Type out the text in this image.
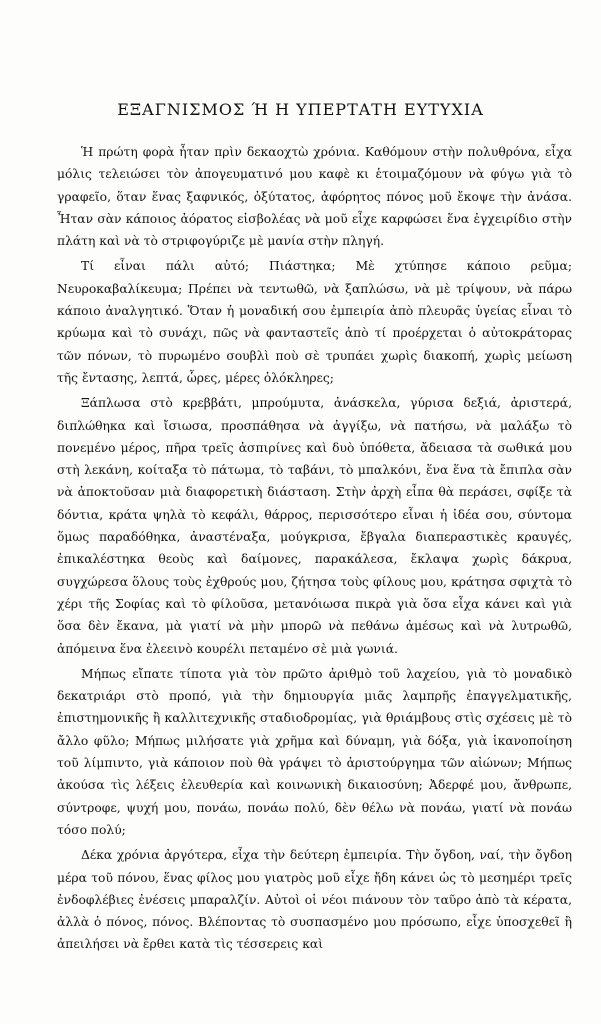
ΕΞΑΓΝΙΣΜΟΣ Ή Η ΥΠΕΡΤΑΤΗ ΕΥΤΥΧΙΑ

Ἡ πρώτη φορὰ ἦταν πρὶν δεκαοχτὼ χρόνια. Καθόμουν στὴν πολυθρόνα, εἶχα μόλις τελειώσει τὸν ἀπογευματινό μου καφὲ κι ἑτοιμαζόμουν νὰ φύγω γιὰ τὸ γραφεῖο, ὅταν ἕνας ξαφνικός, ὀξύτατος, ἀφόρητος πόνος μοῦ ἔκοψε τὴν ἀνάσα. Ἦταν σὰν κάποιος ἀόρατος εἰσβολέας νὰ μοῦ εἶχε καρφώσει ἕνα ἐγχειρίδιο στὴν πλάτη καὶ νὰ τὸ στριφογύριζε μὲ μανία στὴν πληγή.

Τί εἶναι πάλι αὐτό; Πιάστηκα; Μὲ χτύπησε κάποιο ρεῦμα; Νευροκαβαλίκευμα; Πρέπει νὰ τεντωθῶ, νὰ ξαπλώσω, νὰ μὲ τρίψουν, νὰ πάρω κάποιο ἀναλγητικό. Ὅταν ἡ μοναδική σου ἐμπειρία ἀπὸ πλευρᾶς ὑγείας εἶναι τὸ κρύωμα καὶ τὸ συνάχι, πῶς νὰ φανταστεῖς ἀπὸ τί προέρχεται ὁ αὐτοκράτορας τῶν πόνων, τὸ πυρωμένο σουβλὶ ποὺ σὲ τρυπάει χωρὶς διακοπή, χωρὶς μείωση τῆς ἔντασης, λεπτά, ὧρες, μέρες ὁλόκληρες;

Ξάπλωσα στὸ κρεββάτι, μπρούμυτα, ἀνάσκελα, γύρισα δεξιά, ἀριστερά, διπλώθηκα καὶ ἴσιωσα, προσπάθησα νὰ ἀγγίξω, νὰ πατήσω, νὰ μαλάξω τὸ πονεμένο μέρος, πῆρα τρεῖς ἀσπιρίνες καὶ δυὸ ὑπόθετα, ἄδειασα τὰ σωθικά μου στὴ λεκάνη, κοίταξα τὸ πάτωμα, τὸ ταβάνι, τὸ μπαλκόνι, ἕνα ἕνα τὰ ἔπιπλα σὰν νὰ ἀποκτοῦσαν μιὰ διαφορετικὴ διάσταση. Στὴν ἀρχὴ εἶπα θὰ περάσει, σφίξε τὰ δόντια, κράτα ψηλὰ τὸ κεφάλι, θάρρος, περισσότερο εἶναι ἡ ἰδέα σου, σύντομα ὅμως παραδόθηκα, ἀναστέναξα, μούγκρισα, ἔβγαλα διαπεραστικὲς κραυγές, ἐπικαλέστηκα θεοὺς καὶ δαίμονες, παρακάλεσα, ἔκλαψα χωρὶς δάκρυα, συγχώρεσα ὅλους τοὺς ἐχθρούς μου, ζήτησα τοὺς φίλους μου, κράτησα σφιχτὰ τὸ χέρι τῆς Σοφίας καὶ τὸ φίλοῦσα, μετανόιωσα πικρὰ γιὰ ὅσα εἶχα κάνει καὶ γιὰ ὅσα δὲν ἔκανα, μὰ γιατί νὰ μὴν μπορῶ νὰ πεθάνω ἀμέσως καὶ νὰ λυτρωθῶ, ἀπόμεινα ἕνα ἐλεεινὸ κουρέλι πεταμένο σὲ μιὰ γωνιά.

Μήπως εἴπατε τίποτα γιὰ τὸν πρῶτο ἀριθμὸ τοῦ λαχείου, γιὰ τὸ μοναδικὸ δεκατριάρι στὸ προπό, γιὰ τὴν δημιουργία μιᾶς λαμπρῆς ἐπαγγελματικῆς, ἐπιστημονικῆς ἢ καλλιτεχνικῆς σταδιοδρομίας, γιὰ θριάμβους στὶς σχέσεις μὲ τὸ ἄλλο φῦλο; Μήπως μιλήσατε γιὰ χρῆμα καὶ δύναμη, γιὰ δόξα, γιὰ ἱκανοποίηση τοῦ λίμπιντο, γιὰ κάποιον ποὺ θὰ γράψει τὸ ἀριστούργημα τῶν αἰώνων; Μήπως ἀκούσα τὶς λέξεις ἐλευθερία καὶ κοινωνικὴ δικαιοσύνη; Ἀδερφέ μου, ἄνθρωπε, σύντροφε, ψυχή μου, πονάω, πονάω πολύ, δὲν θέλω νὰ πονάω, γιατί νὰ πονάω τόσο πολύ;

Δέκα χρόνια ἀργότερα, εἶχα τὴν δεύτερη ἐμπειρία. Τὴν ὄγδοη, ναί, τὴν ὄγδοη μέρα τοῦ πόνου, ἕνας φίλος μου γιατρὸς μοῦ εἶχε ἤδη κάνει ὡς τὸ μεσημέρι τρεῖς ἐνδοφλέβιες ἐνέσεις μπαραλζίν. Αὐτοὶ οἱ νέοι πιάνουν τὸν ταῦρο ἀπὸ τὰ κέρατα, ἀλλὰ ὁ πόνος, πόνος. Βλέποντας τὸ συσπασμένο μου πρόσωπο, εἶχε ὑποσχεθεῖ ἢ ἀπειλήσει νὰ ἔρθει κατὰ τὶς τέσσερεις καὶ
